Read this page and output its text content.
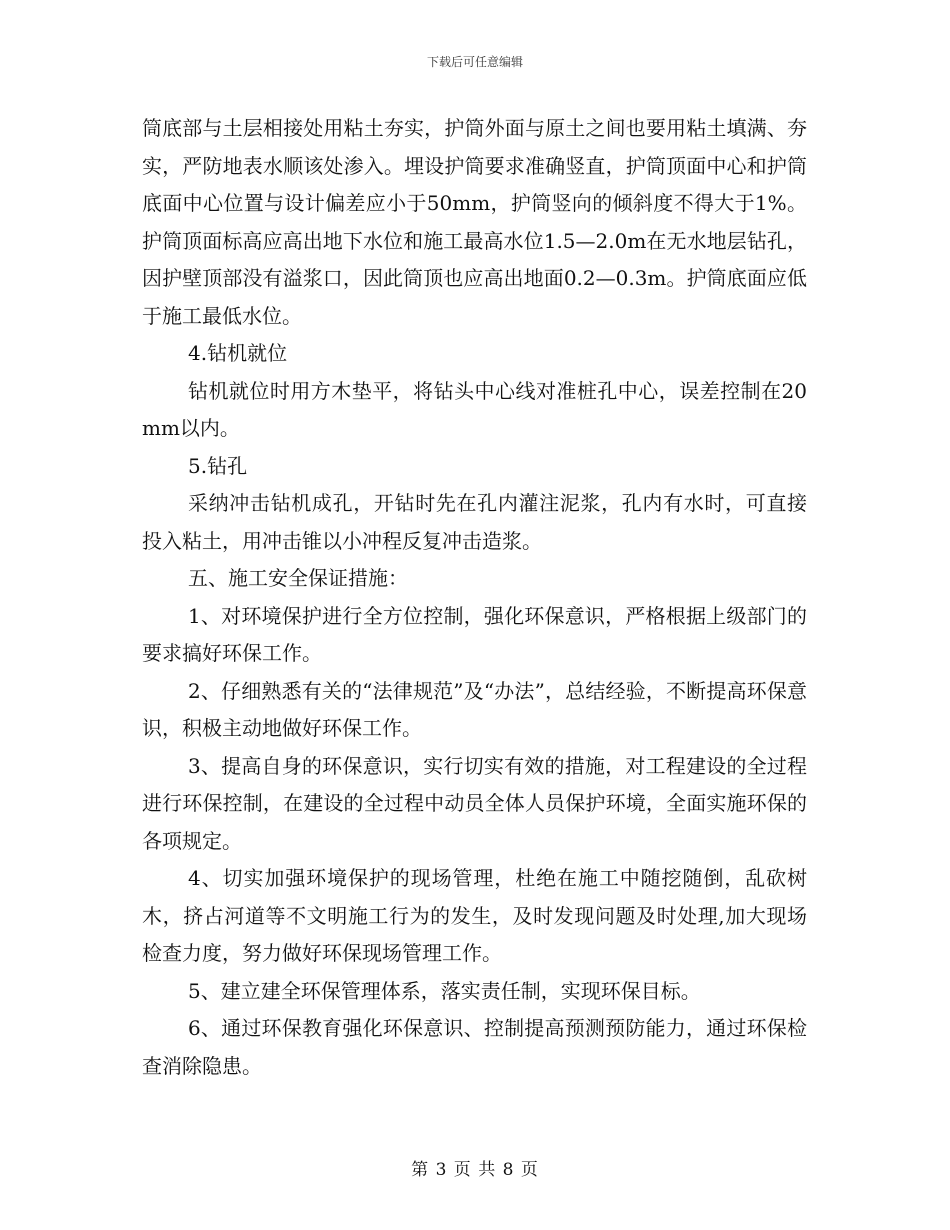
下载后可任意编辑

筒底部与土层相接处用粘土夯实，护筒外面与原土之间也要用粘土填满、夯实，严防地表水顺该处渗入。埋设护筒要求准确竖直，护筒顶面中心和护筒底面中心位置与设计偏差应小于50mm，护筒竖向的倾斜度不得大于1%。护筒顶面标高应高出地下水位和施工最高水位1.5—2.0m在无水地层钻孔，因护壁顶部没有溢浆口，因此筒顶也应高出地面0.2—0.3m。护筒底面应低于施工最低水位。

4.钻机就位

钻机就位时用方木垫平，将钻头中心线对准桩孔中心，误差控制在20mm以内。

5.钻孔

采纳冲击钻机成孔，开钻时先在孔内灌注泥浆，孔内有水时，可直接投入粘土，用冲击锥以小冲程反复冲击造浆。

五、施工安全保证措施：

1、对环境保护进行全方位控制，强化环保意识，严格根据上级部门的要求搞好环保工作。

2、仔细熟悉有关的“法律规范”及“办法”，总结经验，不断提高环保意识，积极主动地做好环保工作。

3、提高自身的环保意识，实行切实有效的措施，对工程建设的全过程进行环保控制，在建设的全过程中动员全体人员保护环境，全面实施环保的各项规定。

4、切实加强环境保护的现场管理，杜绝在施工中随挖随倒，乱砍树木，挤占河道等不文明施工行为的发生，及时发现问题及时处理,加大现场检查力度，努力做好环保现场管理工作。

5、建立建全环保管理体系，落实责任制，实现环保目标。

6、通过环保教育强化环保意识、控制提高预测预防能力，通过环保检查消除隐患。

第 3 页 共 8 页
